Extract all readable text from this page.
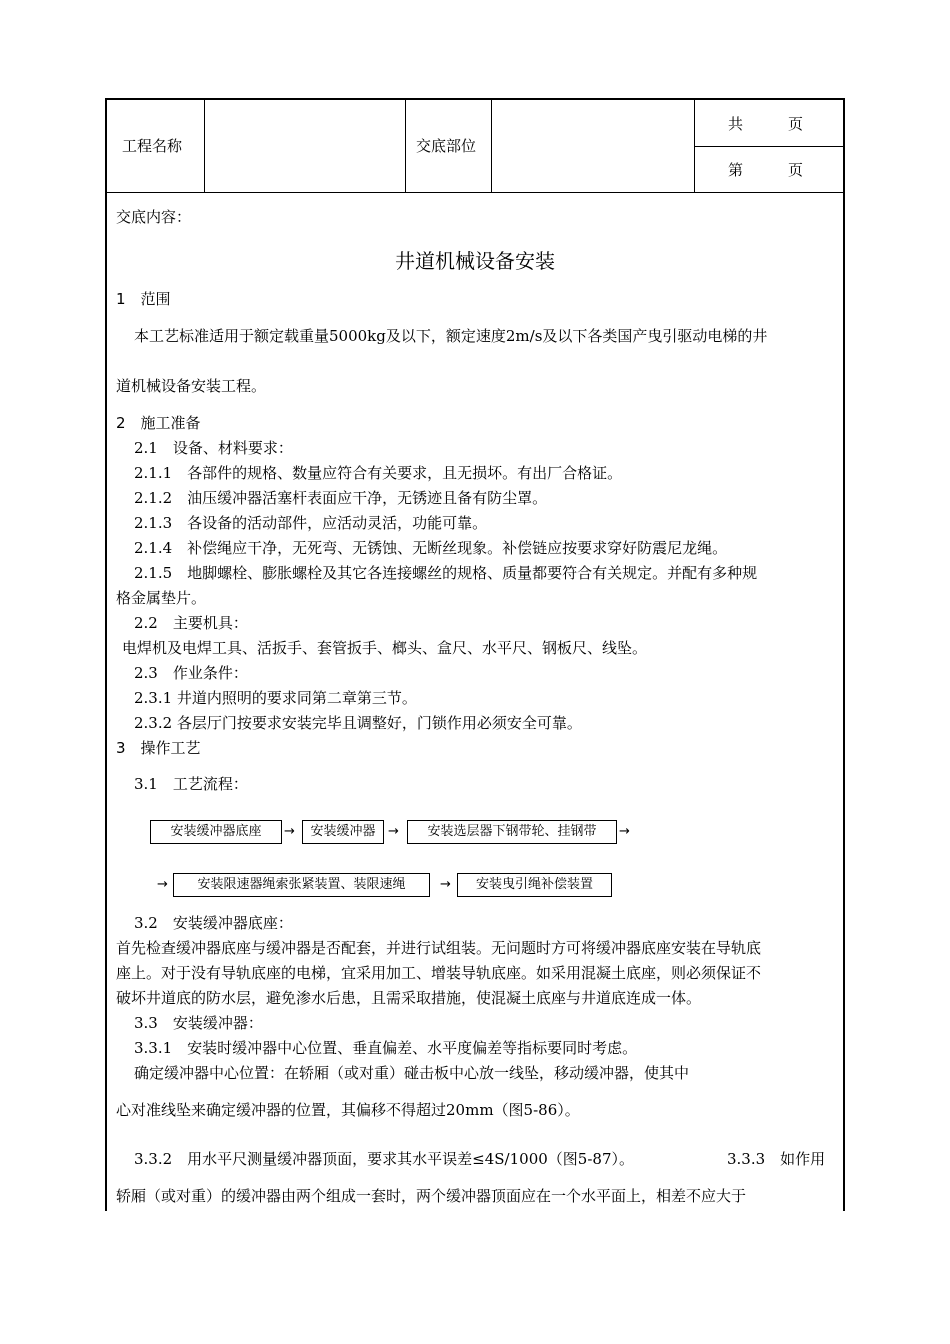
工程名称	交底部位
共　　　页
第　　　页
交底内容：
井道机械设备安装
1　范围
本工艺标准适用于额定载重量5000kg及以下，额定速度2m/s及以下各类国产曳引驱动电梯的井
道机械设备安装工程。
2　施工准备
2.1　设备、材料要求：
2.1.1　各部件的规格、数量应符合有关要求，且无损坏。有出厂合格证。
2.1.2　油压缓冲器活塞杆表面应干净，无锈迹且备有防尘罩。
2.1.3　各设备的活动部件，应活动灵活，功能可靠。
2.1.4　补偿绳应干净，无死弯、无锈蚀、无断丝现象。补偿链应按要求穿好防震尼龙绳。
2.1.5　地脚螺栓、膨胀螺栓及其它各连接螺丝的规格、质量都要符合有关规定。并配有多种规
格金属垫片。
2.2　主要机具：
电焊机及电焊工具、活扳手、套管扳手、榔头、盒尺、水平尺、钢板尺、线坠。
2.3　作业条件：
2.3.1 井道内照明的要求同第二章第三节。
2.3.2 各层厅门按要求安装完毕且调整好，门锁作用必须安全可靠。
3　操作工艺
3.1　工艺流程：
安装缓冲器底座	→	安装缓冲器 →	安装选层器下钢带轮、挂钢带	→
→	安装限速器绳索张紧装置、装限速绳	→	安装曳引绳补偿装置
3.2　安装缓冲器底座：
首先检查缓冲器底座与缓冲器是否配套，并进行试组装。无问题时方可将缓冲器底座安装在导轨底
座上。对于没有导轨底座的电梯，宜采用加工、增装导轨底座。如采用混凝土底座，则必须保证不
破坏井道底的防水层，避免渗水后患，且需采取措施，使混凝土底座与井道底连成一体。
3.3　安装缓冲器：
3.3.1　安装时缓冲器中心位置、垂直偏差、水平度偏差等指标要同时考虑。
确定缓冲器中心位置：在轿厢（或对重）碰击板中心放一线坠，移动缓冲器，使其中
心对准线坠来确定缓冲器的位置，其偏移不得超过20mm（图5-86）。
3.3.2　用水平尺测量缓冲器顶面，要求其水平误差≤4S/1000（图5-87）。	3.3.3　如作用
轿厢（或对重）的缓冲器由两个组成一套时，两个缓冲器顶面应在一个水平面上，相差不应大于
